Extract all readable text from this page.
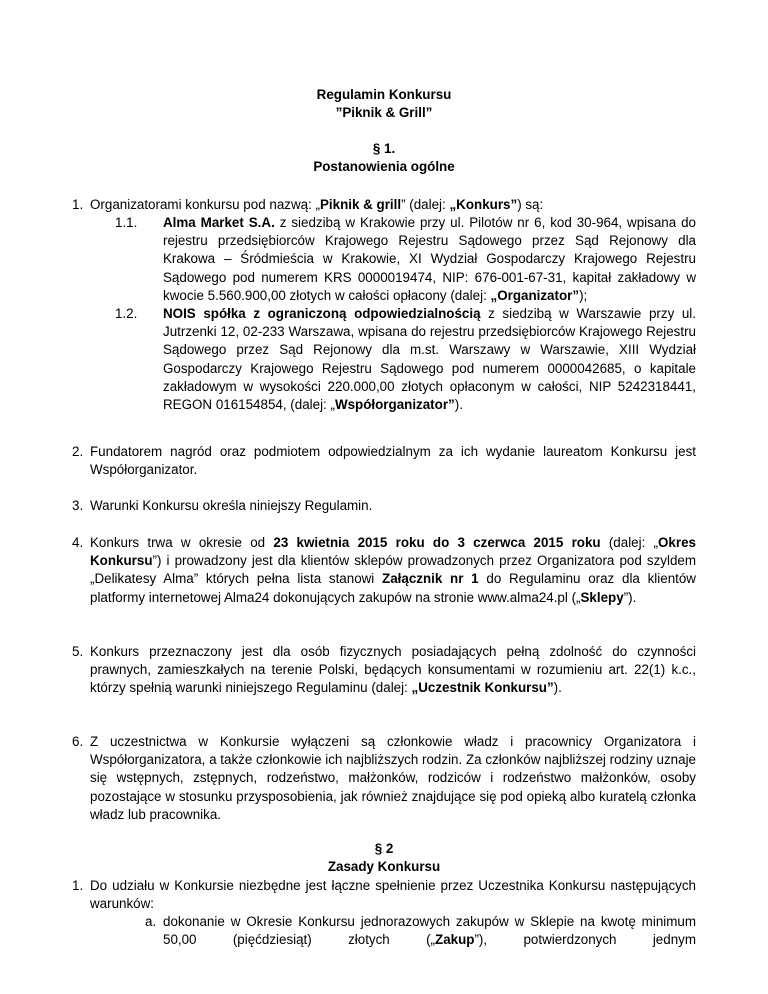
Regulamin Konkursu
”Piknik & Grill”
§ 1.
Postanowienia ogólne
1. Organizatorami konkursu pod nazwą: „Piknik & grill” (dalej: „Konkurs”) są:
1.1. Alma Market S.A. z siedzibą w Krakowie przy ul. Pilotów nr 6, kod 30-964, wpisana do rejestru przedsiębiorców Krajowego Rejestru Sądowego przez Sąd Rejonowy dla Krakowa – Śródmieścia w Krakowie, XI Wydział Gospodarczy Krajowego Rejestru Sądowego pod numerem KRS 0000019474, NIP: 676-001-67-31, kapitał zakładowy w kwocie 5.560.900,00 złotych w całości opłacony (dalej: „Organizator”);
1.2. NOIS spółka z ograniczoną odpowiedzialnością z siedzibą w Warszawie przy ul. Jutrzenki 12, 02-233 Warszawa, wpisana do rejestru przedsiębiorców Krajowego Rejestru Sądowego przez Sąd Rejonowy dla m.st. Warszawy w Warszawie, XIII Wydział Gospodarczy Krajowego Rejestru Sądowego pod numerem 0000042685, o kapitale zakładowym w wysokości 220.000,00 złotych opłaconym w całości, NIP 5242318441, REGON 016154854, (dalej: „Współorganizator”).
2. Fundatorem nagród oraz podmiotem odpowiedzialnym za ich wydanie laureatom Konkursu jest Współorganizator.
3. Warunki Konkursu określa niniejszy Regulamin.
4. Konkurs trwa w okresie od 23 kwietnia 2015 roku do 3 czerwca 2015 roku (dalej: „Okres Konkursu”) i prowadzony jest dla klientów sklepów prowadzonych przez Organizatora pod szyldem „Delikatesy Alma” których pełna lista stanowi Załącznik nr 1 do Regulaminu oraz dla klientów platformy internetowej Alma24 dokonujących zakupów na stronie www.alma24.pl („Sklepy”).
5. Konkurs przeznaczony jest dla osób fizycznych posiadających pełną zdolność do czynności prawnych, zamieszkałych na terenie Polski, będących konsumentami w rozumieniu art. 22(1) k.c., którzy spełnią warunki niniejszego Regulaminu (dalej: „Uczestnik Konkursu”).
6. Z uczestnictwa w Konkursie wyłączeni są członkowie władz i pracownicy Organizatora i Współorganizatora, a także członkowie ich najbliższych rodzin. Za członków najbliższej rodziny uznaje się wstępnych, zstępnych, rodzeństwo, małżonków, rodziców i rodzeństwo małżonków, osoby pozostające w stosunku przysposobienia, jak również znajdujące się pod opieką albo kuratelą członka władz lub pracownika.
§ 2
Zasady Konkursu
1. Do udziału w Konkursie niezbędne jest łączne spełnienie przez Uczestnika Konkursu następujących warunków:
a. dokonanie w Okresie Konkursu jednorazowych zakupów w Sklepie na kwotę minimum 50,00 (pięćdziesiąt) złotych („Zakup”), potwierdzonych jednym
